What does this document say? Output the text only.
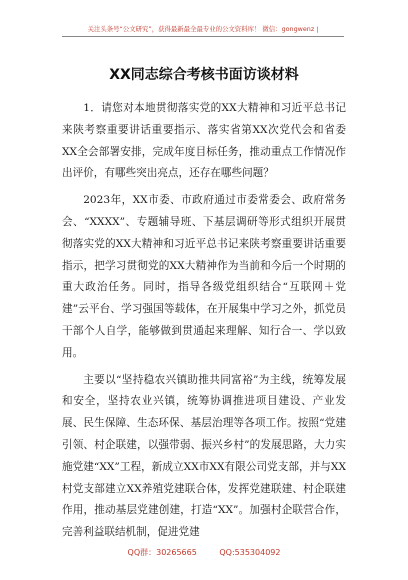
关注头条号“公文研究”，获得最新最全最专业的公文资料库！ 微信：gongwenz |
XX同志综合考核书面访谈材料

1．请您对本地贯彻落实党的XX大精神和习近平总书记来陕考察重要讲话重要指示、落实省第XX次党代会和省委XX全会部署安排，完成年度目标任务，推动重点工作情况作出评价，有哪些突出亮点，还存在哪些问题？

2023年，XX市委、市政府通过市委常委会、政府常务会、“XXXX”、专题辅导班、下基层调研等形式组织开展贯彻落实党的XX大精神和习近平总书记来陕考察重要讲话重要指示，把学习贯彻党的XX大精神作为当前和今后一个时期的重大政治任务。同时，指导各级党组织结合“互联网＋党建”云平台、学习强国等载体，在开展集中学习之外，抓党员干部个人自学，能够做到贯通起来理解、知行合一、学以致用。

主要以“坚持稳农兴镇助推共同富裕”为主线，统筹发展和安全，坚持农业兴镇，统筹协调推进项目建设、产业发展、民生保障、生态环保、基层治理等各项工作。按照“党建引领、村企联建，以强带弱、振兴乡村”的发展思路，大力实施党建“XX”工程，新成立XX市XX有限公司党支部，并与XX村党支部建立XX养殖党建联合体，发挥党建联建、村企联建作用，推动基层党建创建，打造“XX”。加强村企联营合作，完善利益联结机制，促进党建

QQ群：30265665	QQ:535304092
